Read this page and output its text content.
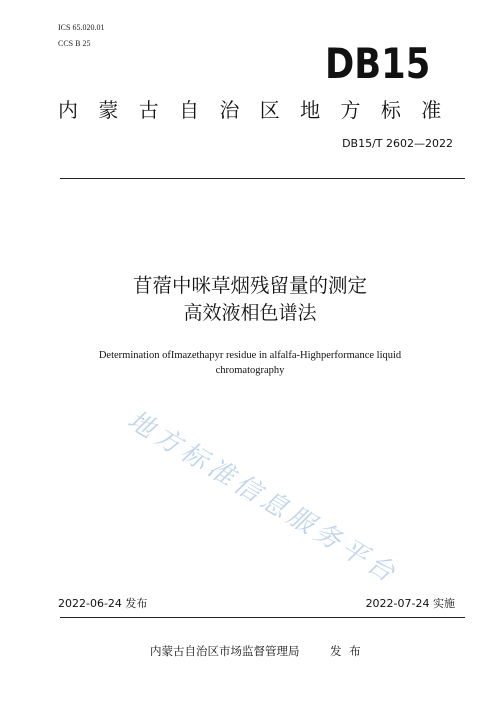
ICS 65.020.01
CCS B 25	DB15
内 蒙 古 自 治 区 地 方 标 准
DB15/T 2602—2022
苜蓿中咪草烟残留量的测定
高效液相色谱法
Determination ofImazethapyr residue in alfalfa-Highperformance liquid
chromatography
地方标准信息服务平台
2022-06-24 发布	2022-07-24 实施
内蒙古自治区市场监督管理局	发 布
